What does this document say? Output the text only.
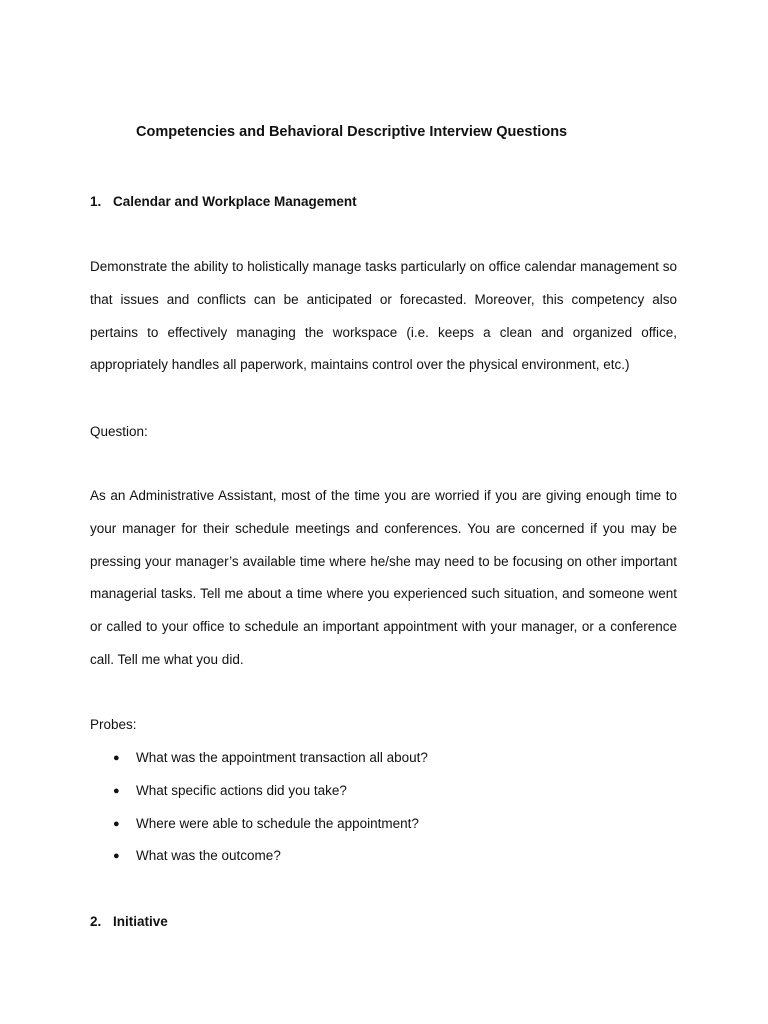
Competencies and Behavioral Descriptive Interview Questions
1. Calendar and Workplace Management
Demonstrate the ability to holistically manage tasks particularly on office calendar management so that issues and conflicts can be anticipated or forecasted. Moreover, this competency also pertains to effectively managing the workspace (i.e. keeps a clean and organized office, appropriately handles all paperwork, maintains control over the physical environment, etc.)
Question:
As an Administrative Assistant, most of the time you are worried if you are giving enough time to your manager for their schedule meetings and conferences. You are concerned if you may be pressing your manager’s available time where he/she may need to be focusing on other important managerial tasks. Tell me about a time where you experienced such situation, and someone went or called to your office to schedule an important appointment with your manager, or a conference call. Tell me what you did.
Probes:
● What was the appointment transaction all about?
● What specific actions did you take?
● Where were able to schedule the appointment?
● What was the outcome?
2. Initiative
